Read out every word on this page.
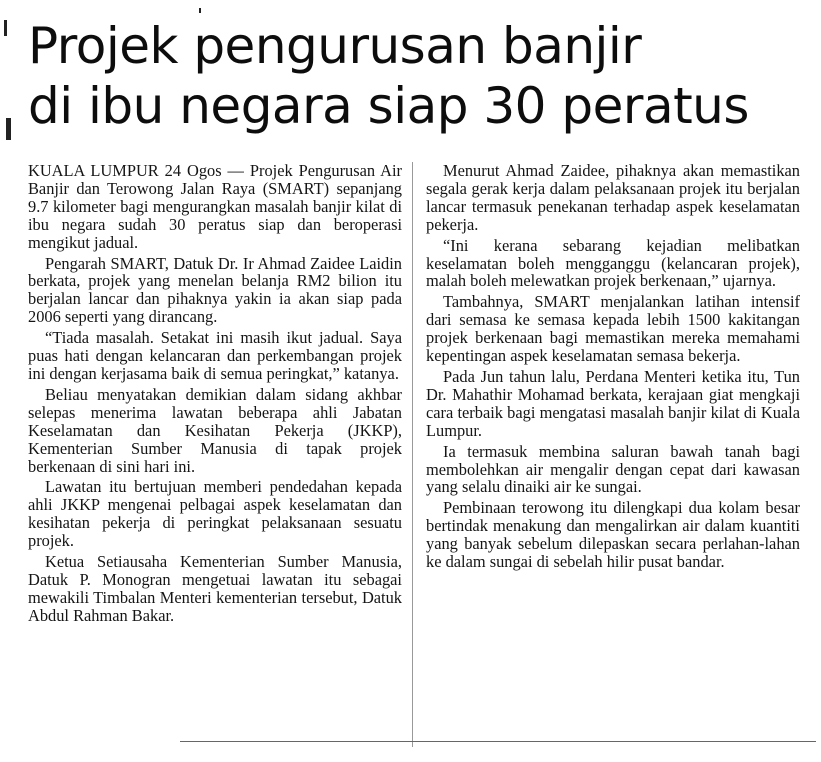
Projek pengurusan banjir
di ibu negara siap 30 peratus

KUALA LUMPUR 24 Ogos — Projek Pengurusan Air Banjir dan Terowong Jalan Raya (SMART) sepanjang 9.7 kilometer bagi mengurangkan masalah banjir kilat di ibu negara sudah 30 peratus siap dan beroperasi mengikut jadual.

Pengarah SMART, Datuk Dr. Ir Ahmad Zaidee Laidin berkata, projek yang menelan belanja RM2 bilion itu berjalan lancar dan pihaknya yakin ia akan siap pada 2006 seperti yang dirancang.

“Tiada masalah. Setakat ini masih ikut jadual. Saya puas hati dengan kelancaran dan perkembangan projek ini dengan kerjasama baik di semua peringkat,” katanya.

Beliau menyatakan demikian dalam sidang akhbar selepas menerima lawatan beberapa ahli Jabatan Keselamatan dan Kesihatan Pekerja (JKKP), Kementerian Sumber Manusia di tapak projek berkenaan di sini hari ini.

Lawatan itu bertujuan memberi pendedahan kepada ahli JKKP mengenai pelbagai aspek keselamatan dan kesihatan pekerja di peringkat pelaksanaan sesuatu projek.

Ketua Setiausaha Kementerian Sumber Manusia, Datuk P. Monogran mengetuai lawatan itu sebagai mewakili Timbalan Menteri kementerian tersebut, Datuk Abdul Rahman Bakar.

Menurut Ahmad Zaidee, pihaknya akan memastikan segala gerak kerja dalam pelaksanaan projek itu berjalan lancar termasuk penekanan terhadap aspek keselamatan pekerja.

“Ini kerana sebarang kejadian melibatkan keselamatan boleh mengganggu (kelancaran projek), malah boleh melewatkan projek berkenaan,” ujarnya.

Tambahnya, SMART menjalankan latihan intensif dari semasa ke semasa kepada lebih 1500 kakitangan projek berkenaan bagi memastikan mereka memahami kepentingan aspek keselamatan semasa bekerja.

Pada Jun tahun lalu, Perdana Menteri ketika itu, Tun Dr. Mahathir Mohamad berkata, kerajaan giat mengkaji cara terbaik bagi mengatasi masalah banjir kilat di Kuala Lumpur.

Ia termasuk membina saluran bawah tanah bagi membolehkan air mengalir dengan cepat dari kawasan yang selalu dinaiki air ke sungai.

Pembinaan terowong itu dilengkapi dua kolam besar bertindak menakung dan mengalirkan air dalam kuantiti yang banyak sebelum dilepaskan secara perlahan-lahan ke dalam sungai di sebelah hilir pusat bandar.
